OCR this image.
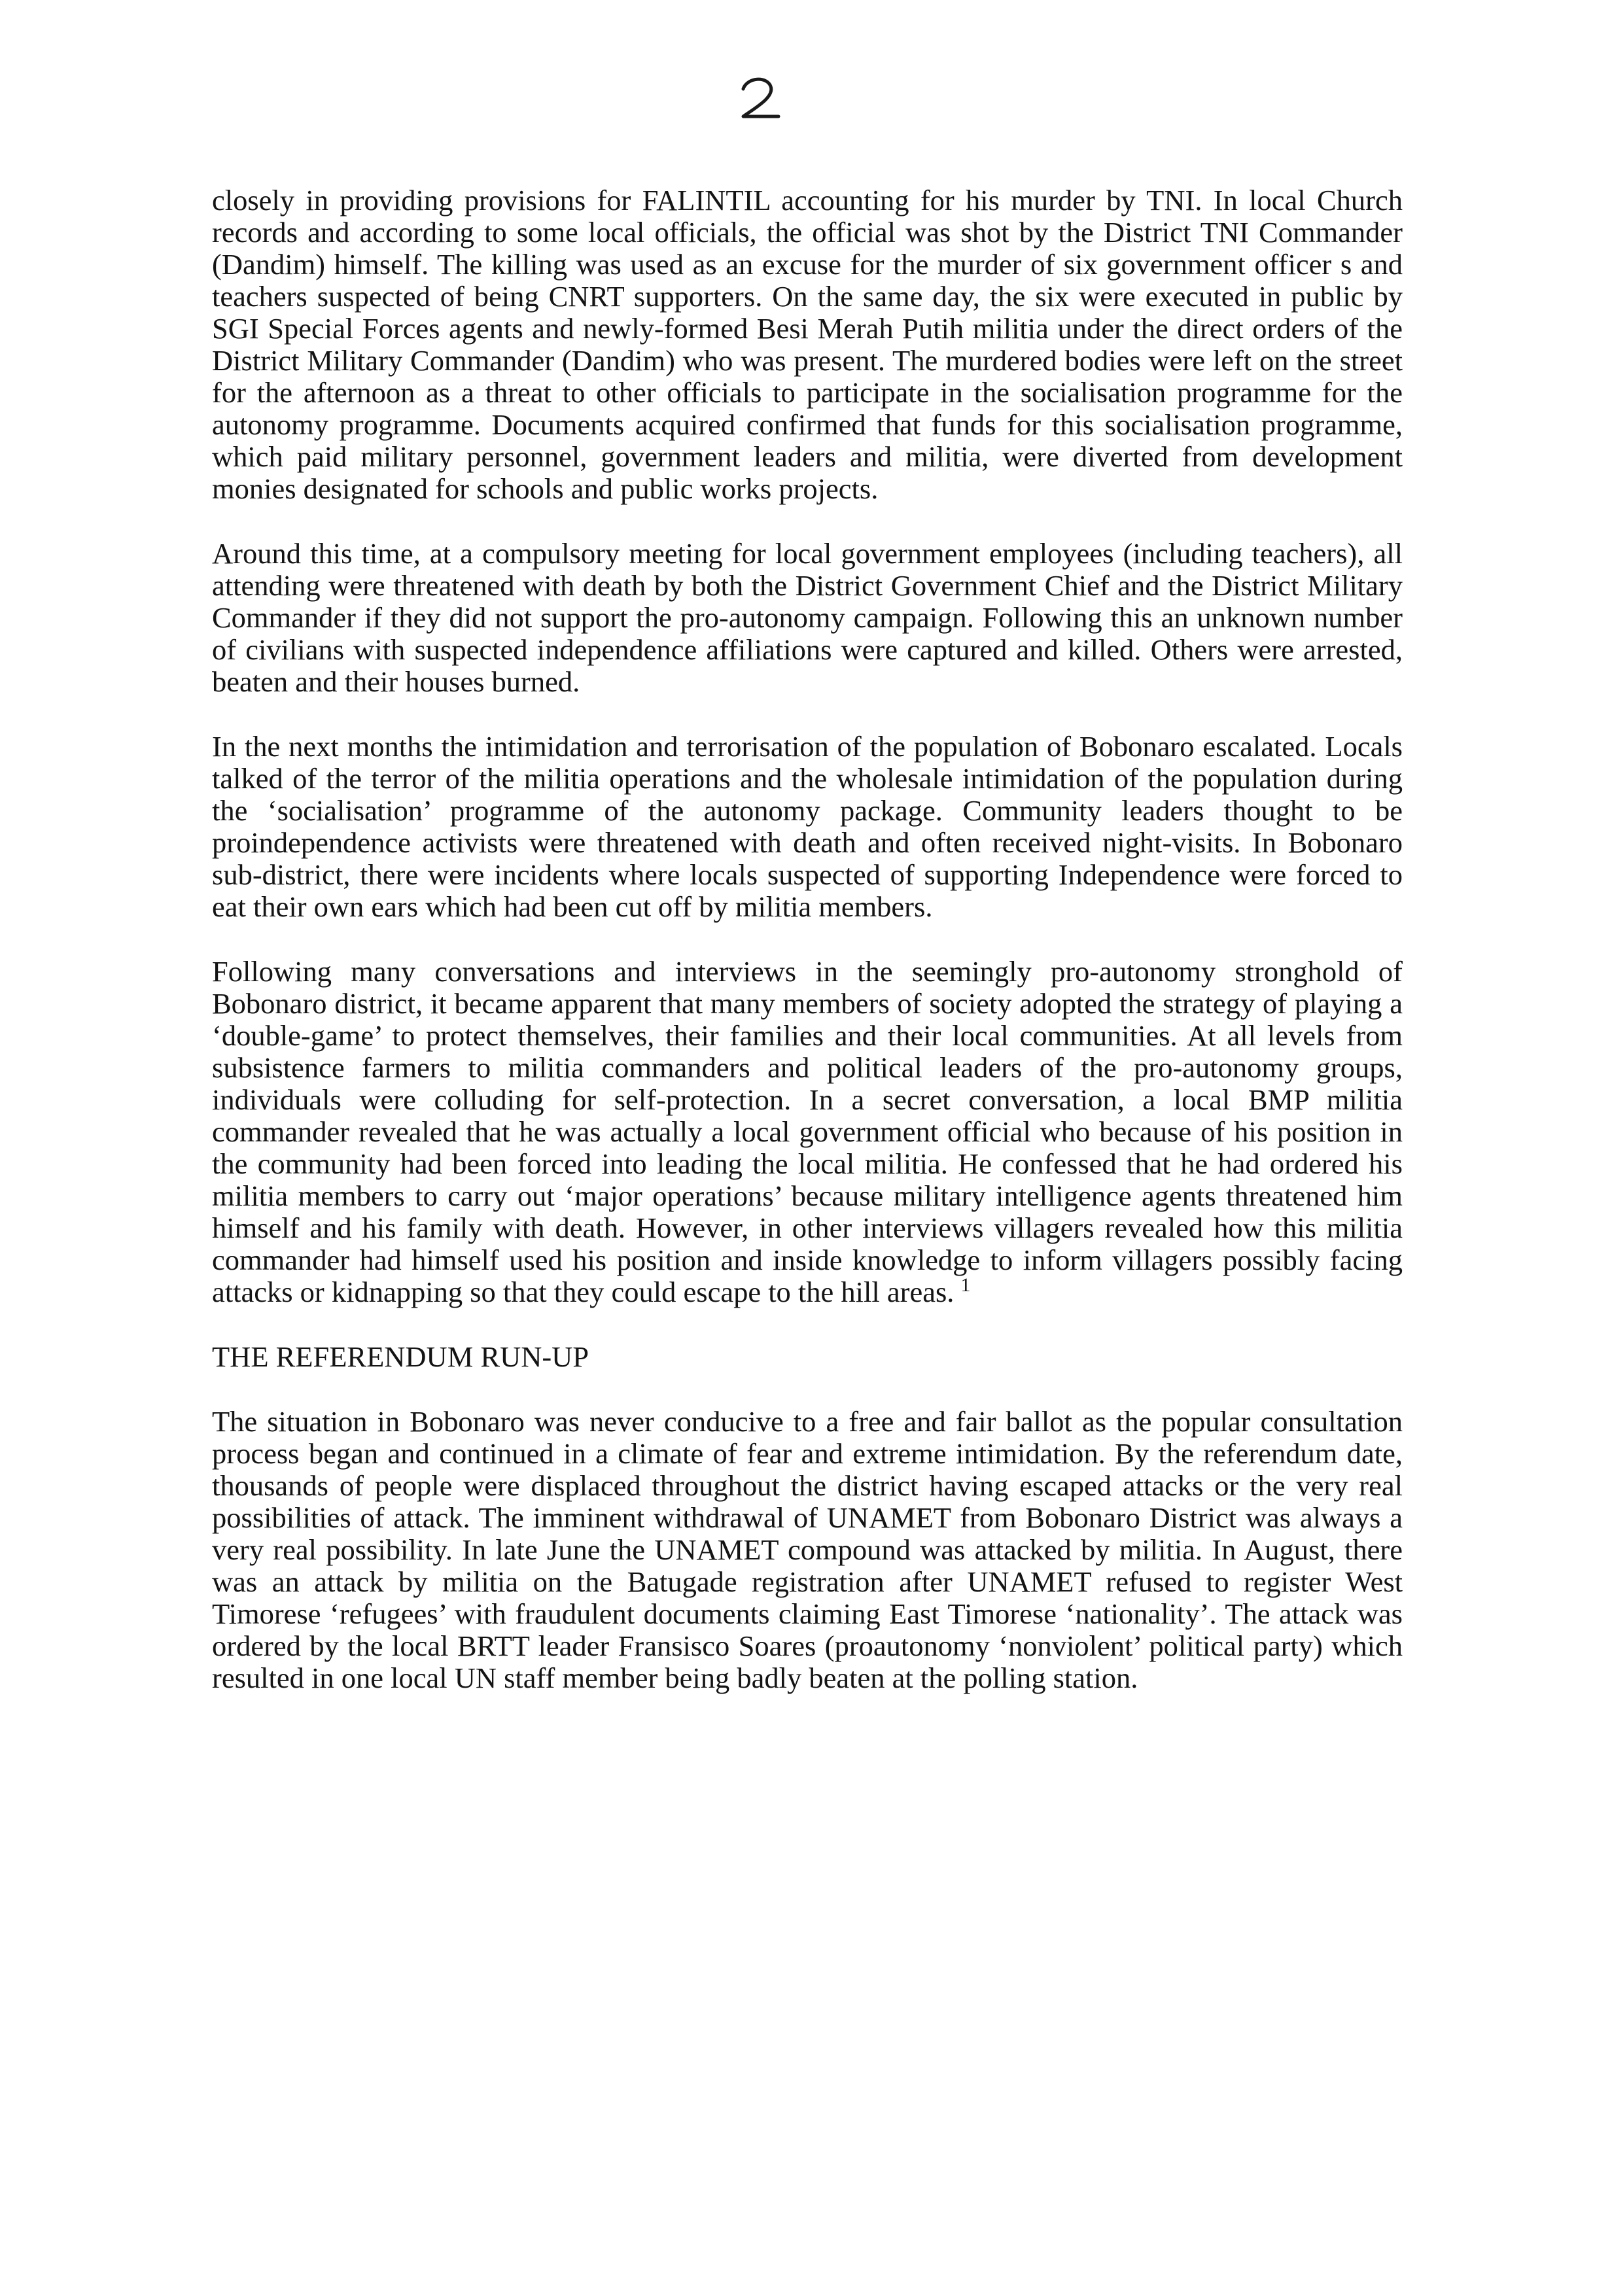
closely in providing provisions for FALINTIL accounting for his murder by TNI. In local Church records and according to some local officials, the official was shot by the District TNI Commander (Dandim) himself. The killing was used as an excuse for the murder of six government officer s and teachers suspected of being CNRT supporters. On the same day, the six were executed in public by SGI Special Forces agents and newly-formed Besi Merah Putih militia under the direct orders of the District Military Commander (Dandim) who was present. The murdered bodies were left on the street for the afternoon as a threat to other officials to participate in the socialisation programme for the autonomy programme. Documents acquired confirmed that funds for this socialisation programme, which paid military personnel, government leaders and militia, were diverted from development monies designated for schools and public works projects.

Around this time, at a compulsory meeting for local government employees (including teachers), all attending were threatened with death by both the District Government Chief and the District Military Commander if they did not support the pro-autonomy campaign. Following this an unknown number of civilians with suspected independence affiliations were captured and killed. Others were arrested, beaten and their houses burned.

In the next months the intimidation and terrorisation of the population of Bobonaro escalated. Locals talked of the terror of the militia operations and the wholesale intimidation of the population during the ‘socialisation’ programme of the autonomy package. Community leaders thought to be proindependence activists were threatened with death and often received night-visits. In Bobonaro sub-district, there were incidents where locals suspected of supporting Independence were forced to eat their own ears which had been cut off by militia members.

Following many conversations and interviews in the seemingly pro-autonomy stronghold of Bobonaro district, it became apparent that many members of society adopted the strategy of playing a ‘double-game’ to protect themselves, their families and their local communities. At all levels from subsistence farmers to militia commanders and political leaders of the pro-autonomy groups, individuals were colluding for self-protection. In a secret conversation, a local BMP militia commander revealed that he was actually a local government official who because of his position in the community had been forced into leading the local militia. He confessed that he had ordered his militia members to carry out ‘major operations’ because military intelligence agents threatened him himself and his family with death. However, in other interviews villagers revealed how this militia commander had himself used his position and inside knowledge to inform villagers possibly facing attacks or kidnapping so that they could escape to the hill areas. $^1$

THE REFERENDUM RUN-UP

The situation in Bobonaro was never conducive to a free and fair ballot as the popular consultation process began and continued in a climate of fear and extreme intimidation. By the referendum date, thousands of people were displaced throughout the district having escaped attacks or the very real possibilities of attack. The imminent withdrawal of UNAMET from Bobonaro District was always a very real possibility. In late June the UNAMET compound was attacked by militia. In August, there was an attack by militia on the Batugade registration after UNAMET refused to register West Timorese ‘refugees’ with fraudulent documents claiming East Timorese ‘nationality’. The attack was ordered by the local BRTT leader Fransisco Soares (proautonomy ‘nonviolent’ political party) which resulted in one local UN staff member being badly beaten at the polling station.
